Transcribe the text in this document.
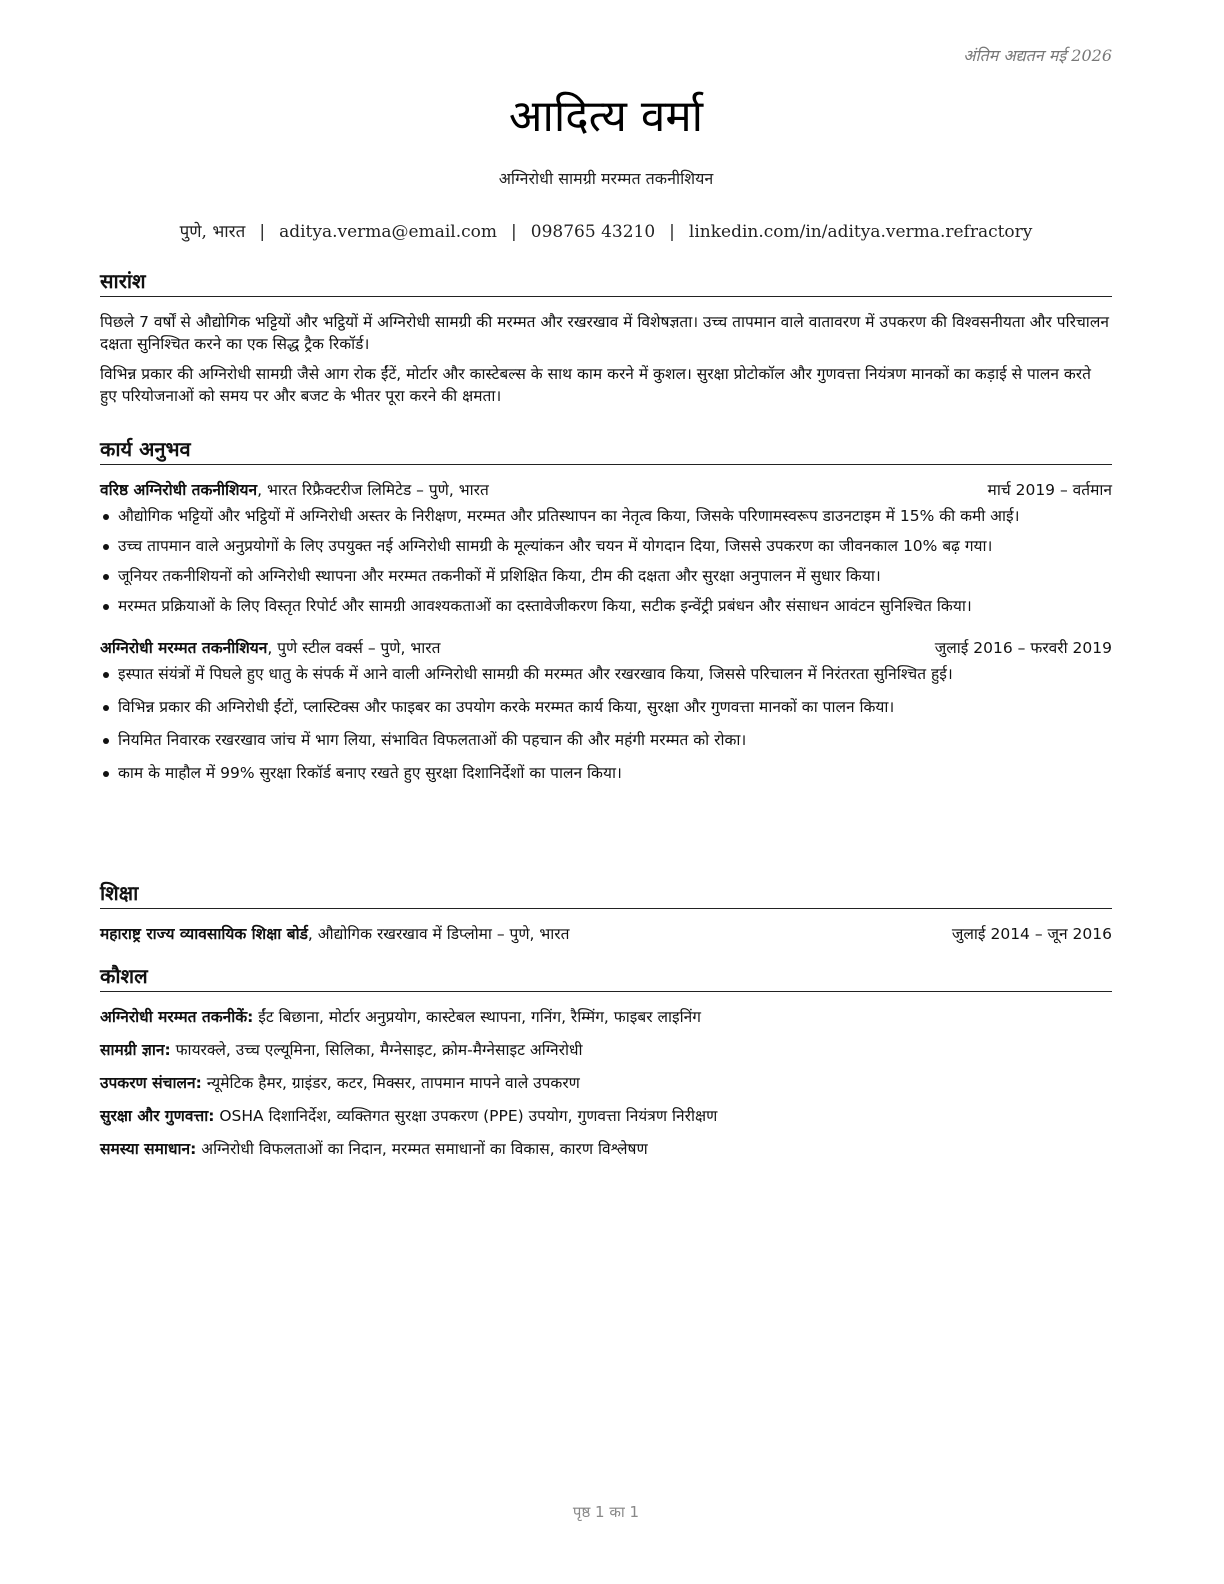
अंतिम अद्यतन मई 2026
आदित्य वर्मा
अग्निरोधी सामग्री मरम्मत तकनीशियन
पुणे, भारत | aditya.verma@email.com | 098765 43210 | linkedin.com/in/aditya.verma.refractory
सारांश

पिछले 7 वर्षों से औद्योगिक भट्टियों और भट्ठियों में अग्निरोधी सामग्री की मरम्मत और रखरखाव में विशेषज्ञता। उच्च तापमान वाले वातावरण में उपकरण की विश्वसनीयता और परिचालन दक्षता सुनिश्चित करने का एक सिद्ध ट्रैक रिकॉर्ड।

विभिन्न प्रकार की अग्निरोधी सामग्री जैसे आग रोक ईंटें, मोर्टार और कास्टेबल्स के साथ काम करने में कुशल। सुरक्षा प्रोटोकॉल और गुणवत्ता नियंत्रण मानकों का कड़ाई से पालन करते हुए परियोजनाओं को समय पर और बजट के भीतर पूरा करने की क्षमता।

कार्य अनुभव
वरिष्ठ अग्निरोधी तकनीशियन, भारत रिफ्रैक्टरीज लिमिटेड – पुणे, भारत	मार्च 2019 – वर्तमान
औद्योगिक भट्टियों और भट्ठियों में अग्निरोधी अस्तर के निरीक्षण, मरम्मत और प्रतिस्थापन का नेतृत्व किया, जिसके परिणामस्वरूप डाउनटाइम में 15% की कमी आई।
उच्च तापमान वाले अनुप्रयोगों के लिए उपयुक्त नई अग्निरोधी सामग्री के मूल्यांकन और चयन में योगदान दिया, जिससे उपकरण का जीवनकाल 10% बढ़ गया।
जूनियर तकनीशियनों को अग्निरोधी स्थापना और मरम्मत तकनीकों में प्रशिक्षित किया, टीम की दक्षता और सुरक्षा अनुपालन में सुधार किया।
मरम्मत प्रक्रियाओं के लिए विस्तृत रिपोर्ट और सामग्री आवश्यकताओं का दस्तावेजीकरण किया, सटीक इन्वेंट्री प्रबंधन और संसाधन आवंटन सुनिश्चित किया।
अग्निरोधी मरम्मत तकनीशियन, पुणे स्टील वर्क्स – पुणे, भारत	जुलाई 2016 – फरवरी 2019
इस्पात संयंत्रों में पिघले हुए धातु के संपर्क में आने वाली अग्निरोधी सामग्री की मरम्मत और रखरखाव किया, जिससे परिचालन में निरंतरता सुनिश्चित हुई।
विभिन्न प्रकार की अग्निरोधी ईंटों, प्लास्टिक्स और फाइबर का उपयोग करके मरम्मत कार्य किया, सुरक्षा और गुणवत्ता मानकों का पालन किया।
नियमित निवारक रखरखाव जांच में भाग लिया, संभावित विफलताओं की पहचान की और महंगी मरम्मत को रोका।
काम के माहौल में 99% सुरक्षा रिकॉर्ड बनाए रखते हुए सुरक्षा दिशानिर्देशों का पालन किया।
शिक्षा
महाराष्ट्र राज्य व्यावसायिक शिक्षा बोर्ड, औद्योगिक रखरखाव में डिप्लोमा – पुणे, भारत	जुलाई 2014 – जून 2016
कौशल
अग्निरोधी मरम्मत तकनीकें: ईंट बिछाना, मोर्टार अनुप्रयोग, कास्टेबल स्थापना, गनिंग, रैम्मिंग, फाइबर लाइनिंग
सामग्री ज्ञान: फायरक्ले, उच्च एल्यूमिना, सिलिका, मैग्नेसाइट, क्रोम-मैग्नेसाइट अग्निरोधी
उपकरण संचालन: न्यूमेटिक हैमर, ग्राइंडर, कटर, मिक्सर, तापमान मापने वाले उपकरण
सुरक्षा और गुणवत्ता: OSHA दिशानिर्देश, व्यक्तिगत सुरक्षा उपकरण (PPE) उपयोग, गुणवत्ता नियंत्रण निरीक्षण
समस्या समाधान: अग्निरोधी विफलताओं का निदान, मरम्मत समाधानों का विकास, कारण विश्लेषण
पृष्ठ 1 का 1
